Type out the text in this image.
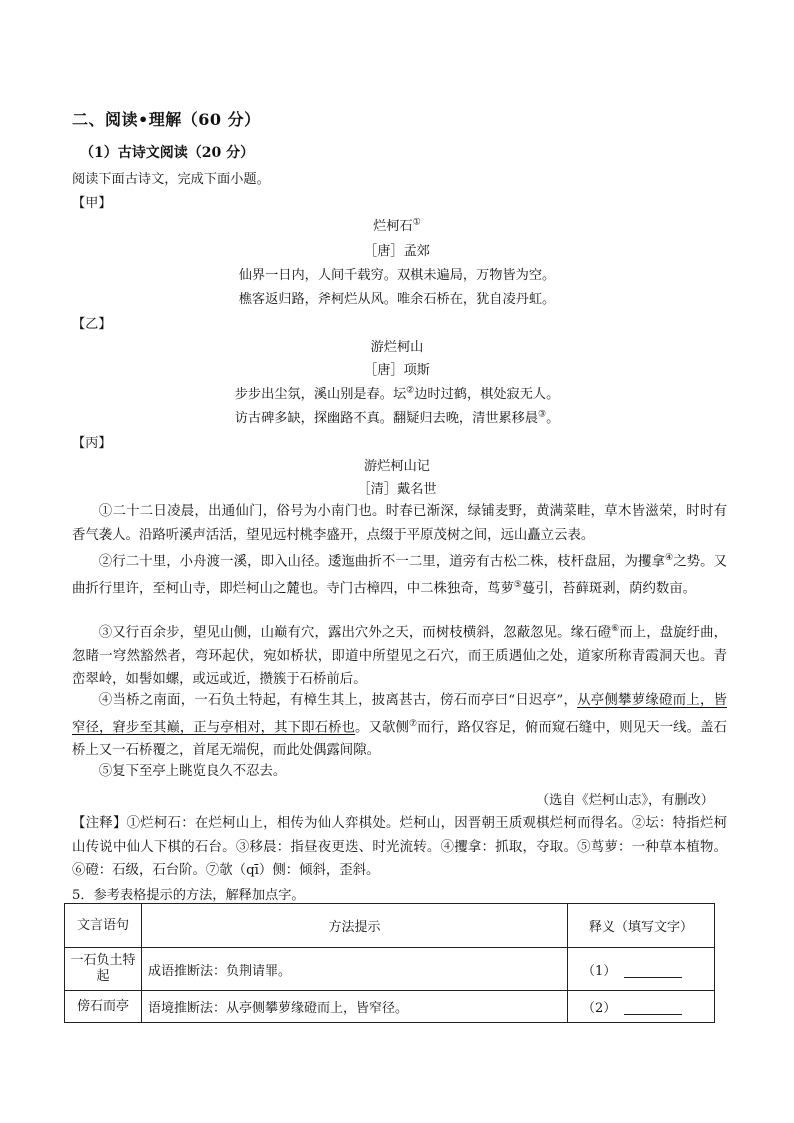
二、阅读•理解（60 分）
（1）古诗文阅读（20 分）
阅读下面古诗文，完成下面小题。
【甲】
烂柯石①
［唐］孟郊
仙界一日内，人间千载穷。双棋未遍局，万物皆为空。
樵客返归路，斧柯烂从风。唯余石桥在，犹自凌丹虹。
【乙】
游烂柯山
［唐］项斯
步步出尘氛，溪山别是春。坛②边时过鹤，棋处寂无人。
访古碑多缺，探幽路不真。翻疑归去晚，清世累移晨③。
【丙】
游烂柯山记
［清］戴名世
①二十二日凌晨，出通仙门，俗号为小南门也。时春已渐深，绿铺麦野，黄满菜畦，草木皆滋荣，时时有香气袭人。沿路听溪声活活，望见远村桃李盛开，点缀于平原茂树之间，远山矗立云表。
②行二十里，小舟渡一溪，即入山径。逶迤曲折不一二里，道旁有古松二株，枝杆盘屈，为攫拿④之势。又曲折行里许，至柯山寺，即烂柯山之麓也。寺门古樟四，中二株独奇，茑萝⑤蔓引，苔藓斑剥，荫约数亩。
③又行百余步，望见山侧，山巅有穴，露出穴外之天，而树枝横斜，忽蔽忽见。缘石磴⑥而上，盘旋纡曲，忽睹一穹然豁然者，弯环起伏，宛如桥状，即道中所望见之石穴，而王质遇仙之处，道家所称青霞洞天也。青峦翠岭，如髻如螺，或远或近，攒簇于石桥前后。
④当桥之南面，一石负土特起，有樟生其上，披离甚古，傍石而亭曰“日迟亭”，从亭侧攀萝缘磴而上，皆窄径，窘步至其巅，正与亭相对，其下即石桥也。又欹侧⑦而行，路仅容足，俯而窥石缝中，则见天一线。盖石桥上又一石桥覆之，首尾无端倪，而此处偶露间隙。
⑤复下至亭上眺览良久不忍去。
（选自《烂柯山志》，有删改）
【注释】①烂柯石：在烂柯山上，相传为仙人弈棋处。烂柯山，因晋朝王质观棋烂柯而得名。②坛：特指烂柯山传说中仙人下棋的石台。③移晨：指昼夜更迭、时光流转。④攫拿：抓取，夺取。⑤茑萝：一种草本植物。⑥磴：石级，石台阶。⑦欹（qī）侧：倾斜，歪斜。
5．参考表格提示的方法，解释加点字。
文言语句	方法提示	释义（填写文字）
一石负土特起	成语推断法：负荆请罪。	（1）
傍石而亭	语境推断法：从亭侧攀萝缘磴而上，皆窄径。	（2）
